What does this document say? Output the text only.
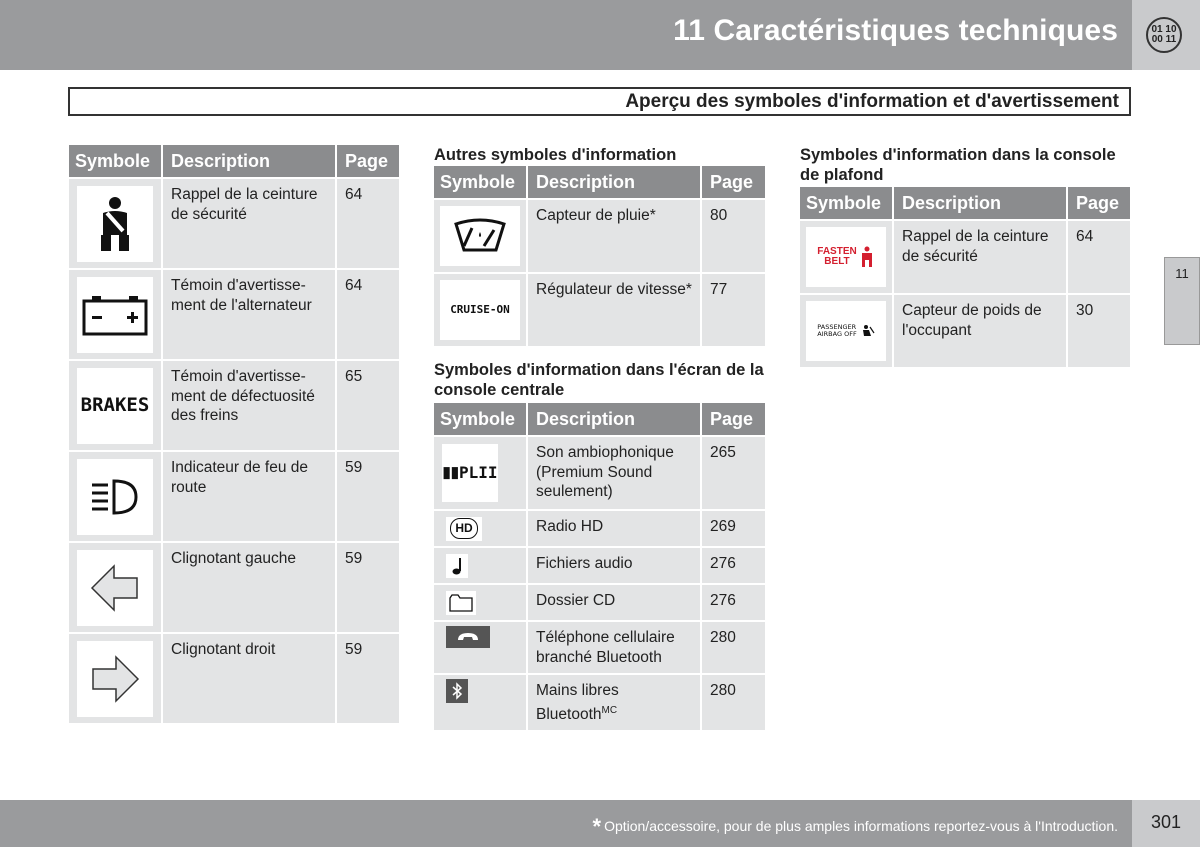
11 Caractéristiques techniques	01 10 00 11
Aperçu des symboles d'information et d'avertissement
11
Symbole	Description	Page

	Rappel de la ceinture de sécurité	64

	Témoin d'avertisse-ment de l'alternateur	64

BRAKES	Témoin d'avertisse-ment de défectuosité des freins	65

	Indicateur de feu de route	59

	Clignotant gauche	59

	Clignotant droit	59
Autres symboles d'information
Symbole	Description	Page

	Capteur de pluie*	80

CRUISE-ON	Régulateur de vitesse*	77
Symboles d'information dans l'écran de la console centrale
Symbole	Description	Page

▮▮ PLII	Son ambiophonique (Premium Sound seulement)	265

HD	Radio HD	269

	Fichiers audio	276

	Dossier CD	276

	Téléphone cellulaire branché Bluetooth	280

	Mains libres Bluetooth$^{MC}$	280
Symboles d'information dans la console de plafond
Symbole	Description	Page

FASTEN
BELT	Rappel de la ceinture de sécurité	64

PASSENGER
AIRBAG OFF	Capteur de poids de l'occupant	30
* Option/accessoire, pour de plus amples informations reportez-vous à l'Introduction.	301
